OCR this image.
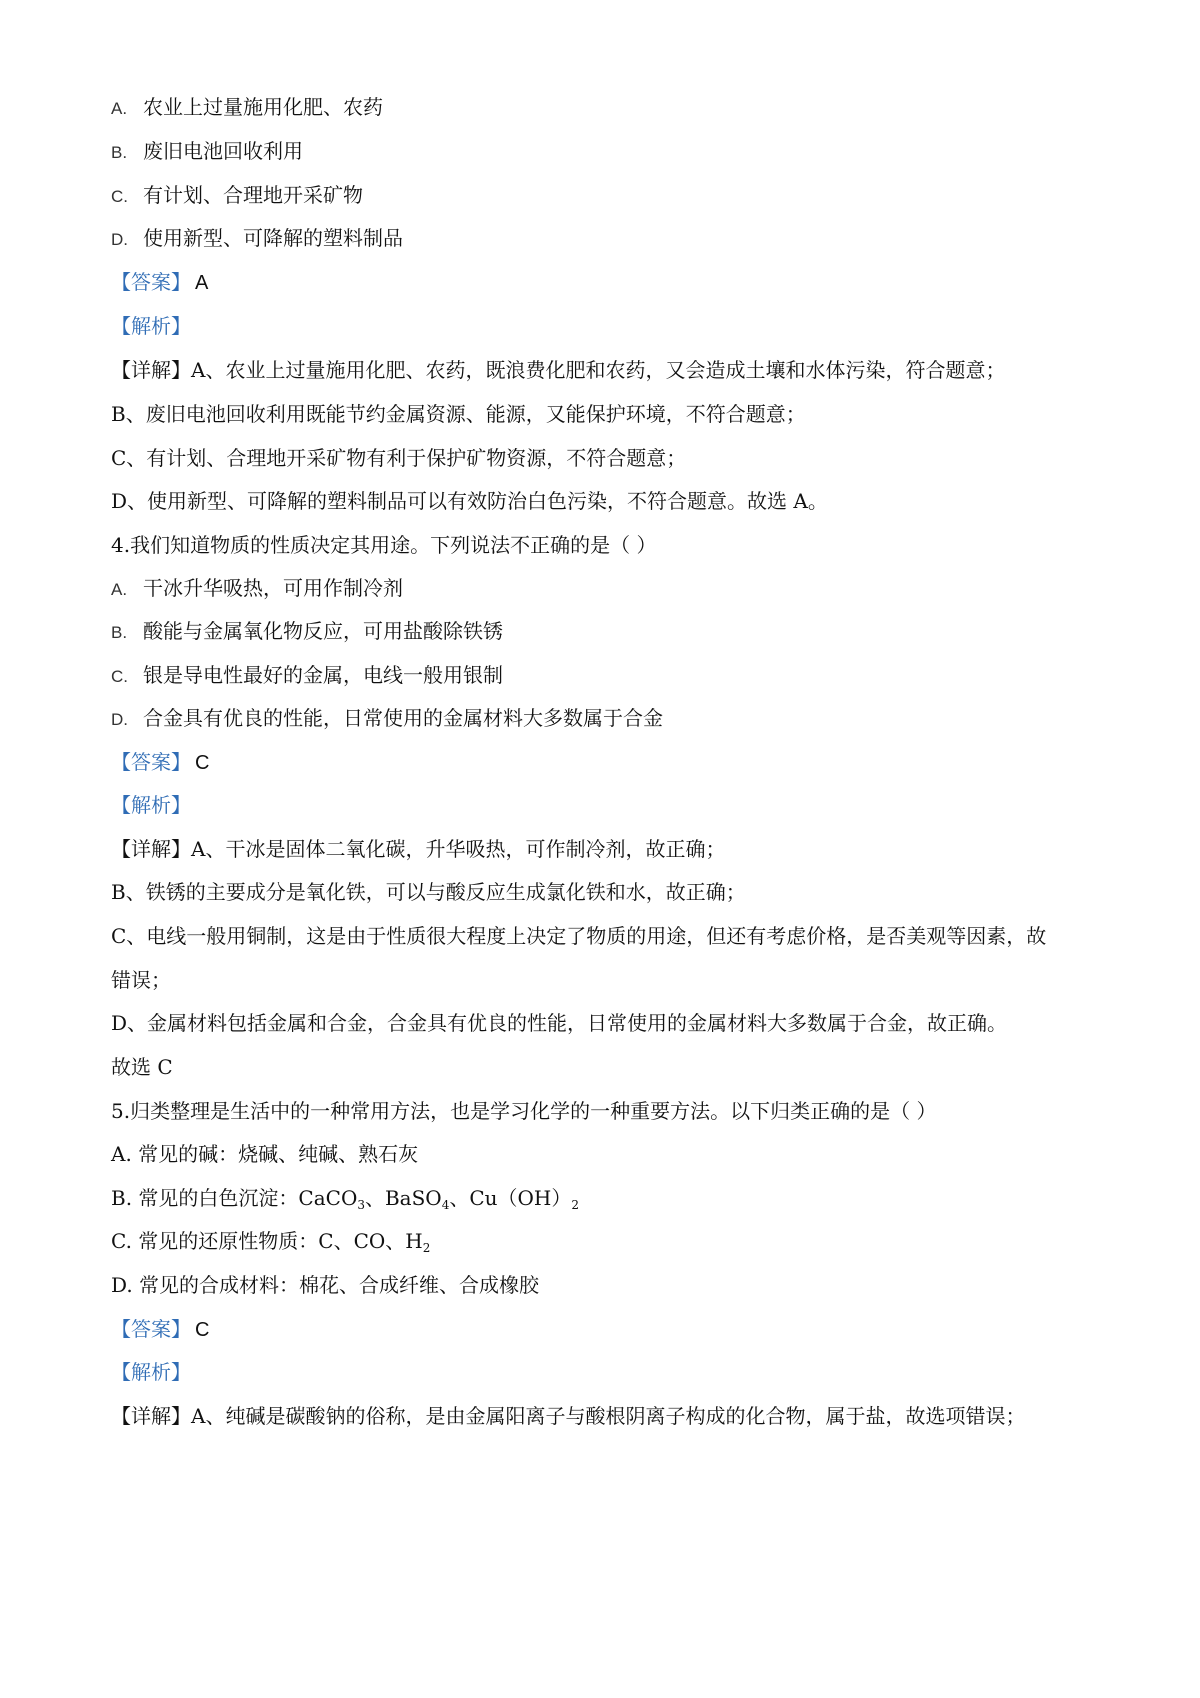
A. 农业上过量施用化肥、农药
B. 废旧电池回收利用
C. 有计划、合理地开采矿物
D. 使用新型、可降解的塑料制品
【答案】 A
【解析】
【详解】A、农业上过量施用化肥、农药，既浪费化肥和农药，又会造成土壤和水体污染，符合题意；
B、废旧电池回收利用既能节约金属资源、能源，又能保护环境，不符合题意；
C、有计划、合理地开采矿物有利于保护矿物资源，不符合题意；
D、使用新型、可降解的塑料制品可以有效防治白色污染，不符合题意。故选 A。
4.我们知道物质的性质决定其用途。下列说法不正确的是（ ）
A. 干冰升华吸热，可用作制冷剂
B. 酸能与金属氧化物反应，可用盐酸除铁锈
C. 银是导电性最好的金属，电线一般用银制
D. 合金具有优良的性能，日常使用的金属材料大多数属于合金
【答案】 C
【解析】
【详解】A、干冰是固体二氧化碳，升华吸热，可作制冷剂，故正确；
B、铁锈的主要成分是氧化铁，可以与酸反应生成氯化铁和水，故正确；
C、电线一般用铜制，这是由于性质很大程度上决定了物质的用途，但还有考虑价格，是否美观等因素，故
错误；
D、金属材料包括金属和合金，合金具有优良的性能，日常使用的金属材料大多数属于合金，故正确。
故选 C
5.归类整理是生活中的一种常用方法，也是学习化学的一种重要方法。以下归类正确的是（ ）
A. 常见的碱：烧碱、纯碱、熟石灰
B. 常见的白色沉淀：CaCO$_3$、BaSO$_4$、$Cu(OH)_2$
C. 常见的还原性物质：C、CO、$H_2$
D. 常见的合成材料：棉花、合成纤维、合成橡胶
【答案】 C
【解析】
【详解】A、纯碱是碳酸钠的俗称，是由金属阳离子与酸根阴离子构成的化合物，属于盐，故选项错误；
